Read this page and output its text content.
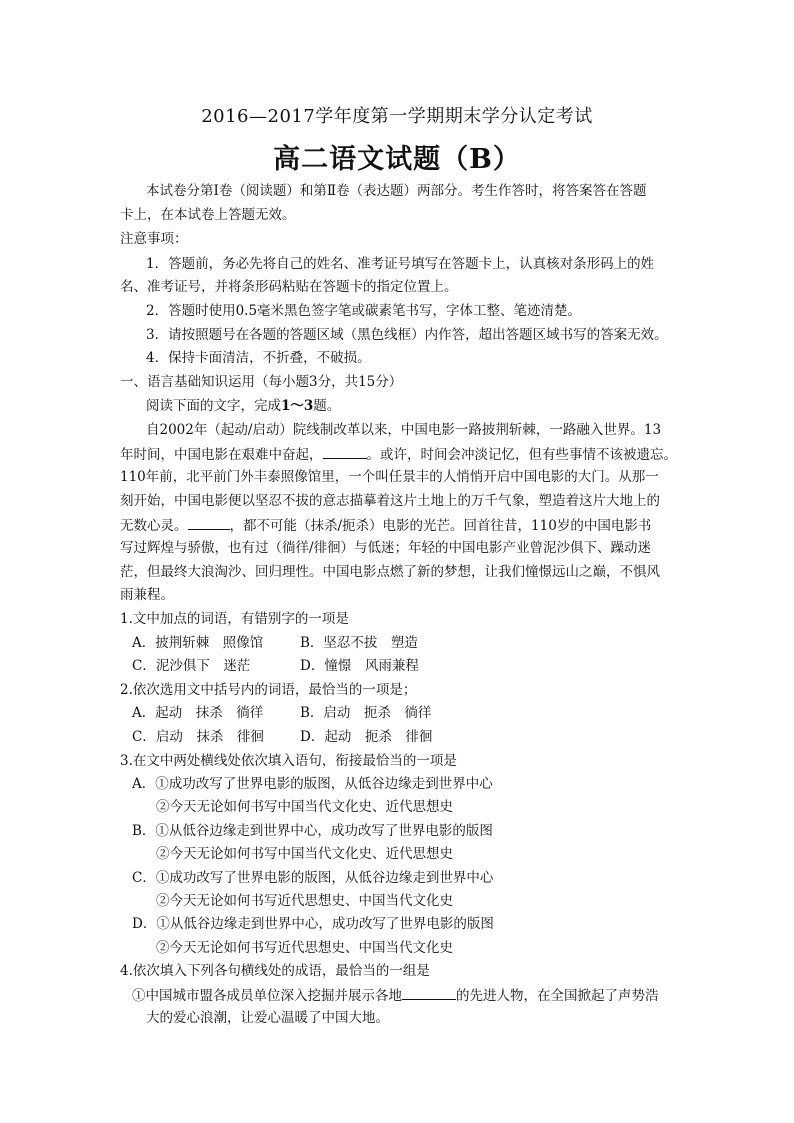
2016—2017学年度第一学期期末学分认定考试
高二语文试题（B）
本试卷分第Ⅰ卷（阅读题）和第Ⅱ卷（表达题）两部分。考生作答时，将答案答在答题
卡上，在本试卷上答题无效。
注意事项：
1．答题前，务必先将自己的姓名、准考证号填写在答题卡上，认真核对条形码上的姓
名、准考证号，并将条形码粘贴在答题卡的指定位置上。
2．答题时使用0.5毫米黑色签字笔或碳素笔书写，字体工整、笔迹清楚。
3．请按照题号在各题的答题区域（黑色线框）内作答，超出答题区域书写的答案无效。
4．保持卡面清洁，不折叠，不破损。
一、语言基础知识运用（每小题3分，共15分）
阅读下面的文字，完成1～3题。
自2002年（起动/启动）院线制改革以来，中国电影一路披荆斩棘，一路融入世界。13
年时间，中国电影在艰难中奋起，	。或许，时间会冲淡记忆，但有些事情不该被遗忘。
110年前，北平前门外丰泰照像馆里，一个叫任景丰的人悄悄开启中国电影的大门。从那一
刻开始，中国电影便以坚忍不拔的意志描摹着这片土地上的万千气象，塑造着这片大地上的
无数心灵。	，都不可能（抹杀/扼杀）电影的光芒。回首往昔，110岁的中国电影书
写过辉煌与骄傲，也有过（徜徉/徘徊）与低迷；年轻的中国电影产业曾泥沙俱下、躁动迷
茫，但最终大浪淘沙、回归理性。中国电影点燃了新的梦想，让我们憧憬远山之巅，不惧风
雨兼程。
1.文中加点的词语，有错别字的一项是
A．披荆斩棘　照像馆	B．坚忍不拔　塑造
C．泥沙俱下　迷茫	D．憧憬　风雨兼程
2.依次选用文中括号内的词语，最恰当的一项是；
A．起动　抹杀　徜徉	B．启动　扼杀　徜徉
C．启动　抹杀　徘徊	D．起动　扼杀　徘徊
3.在文中两处横线处依次填入语句，衔接最恰当的一项是
A．①成功改写了世界电影的版图，从低谷边缘走到世界中心
②今天无论如何书写中国当代文化史、近代思想史
B．①从低谷边缘走到世界中心，成功改写了世界电影的版图
②今天无论如何书写中国当代文化史、近代思想史
C．①成功改写了世界电影的版图，从低谷边缘走到世界中心
②今天无论如何书写近代思想史、中国当代文化史
D．①从低谷边缘走到世界中心，成功改写了世界电影的版图
②今天无论如何书写近代思想史、中国当代文化史
4.依次填入下列各句横线处的成语，最恰当的一组是
①中国城市盟各成员单位深入挖掘并展示各地	的先进人物，在全国掀起了声势浩
大的爱心浪潮，让爱心温暖了中国大地。
